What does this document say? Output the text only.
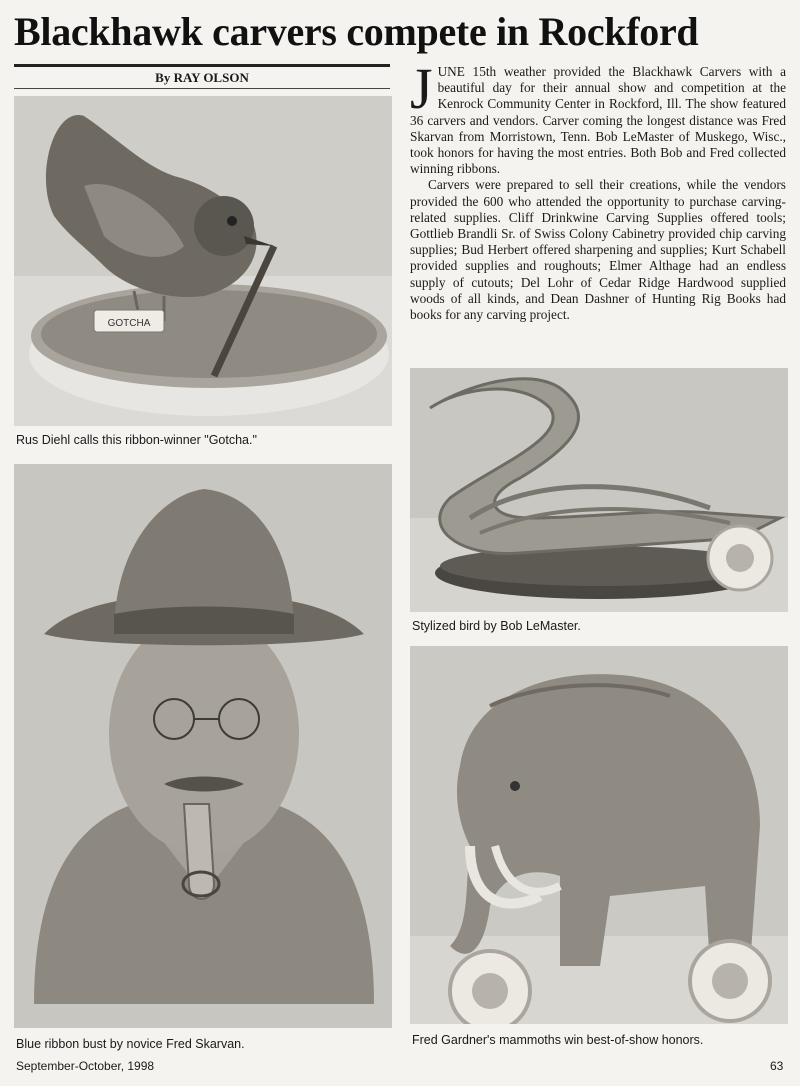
Blackhawk carvers compete in Rockford
By RAY OLSON	JUNE 15th weather provided the Blackhawk Carvers with a beautiful day for their annual show and competition at the Kenrock Community Center in Rockford, Ill. The show featured 36 carvers and vendors. Carver coming the longest distance was Fred Skarvan from Morristown, Tenn. Bob LeMaster of Muskego, Wisc., took honors for having the most entries. Both Bob and Fred collected winning ribbons.

Carvers were prepared to sell their creations, while the vendors provided the 600 who attended the opportunity to purchase carving-related supplies. Cliff Drinkwine Carving Supplies offered tools; Gottlieb Brandli Sr. of Swiss Colony Cabinetry provided chip carving supplies; Bud Herbert offered sharpening and supplies; Kurt Schabell provided supplies and roughouts; Elmer Althage had an endless supply of cutouts; Del Lohr of Cedar Ridge Hardwood supplied woods of all kinds, and Dean Dashner of Hunting Rig Books had books for any carving project.

GOTCHA
Rus Diehl calls this ribbon-winner "Gotcha."
Stylized bird by Bob LeMaster.
Blue ribbon bust by novice Fred Skarvan.	Fred Gardner's mammoths win best-of-show honors.
September-October, 1998	63
